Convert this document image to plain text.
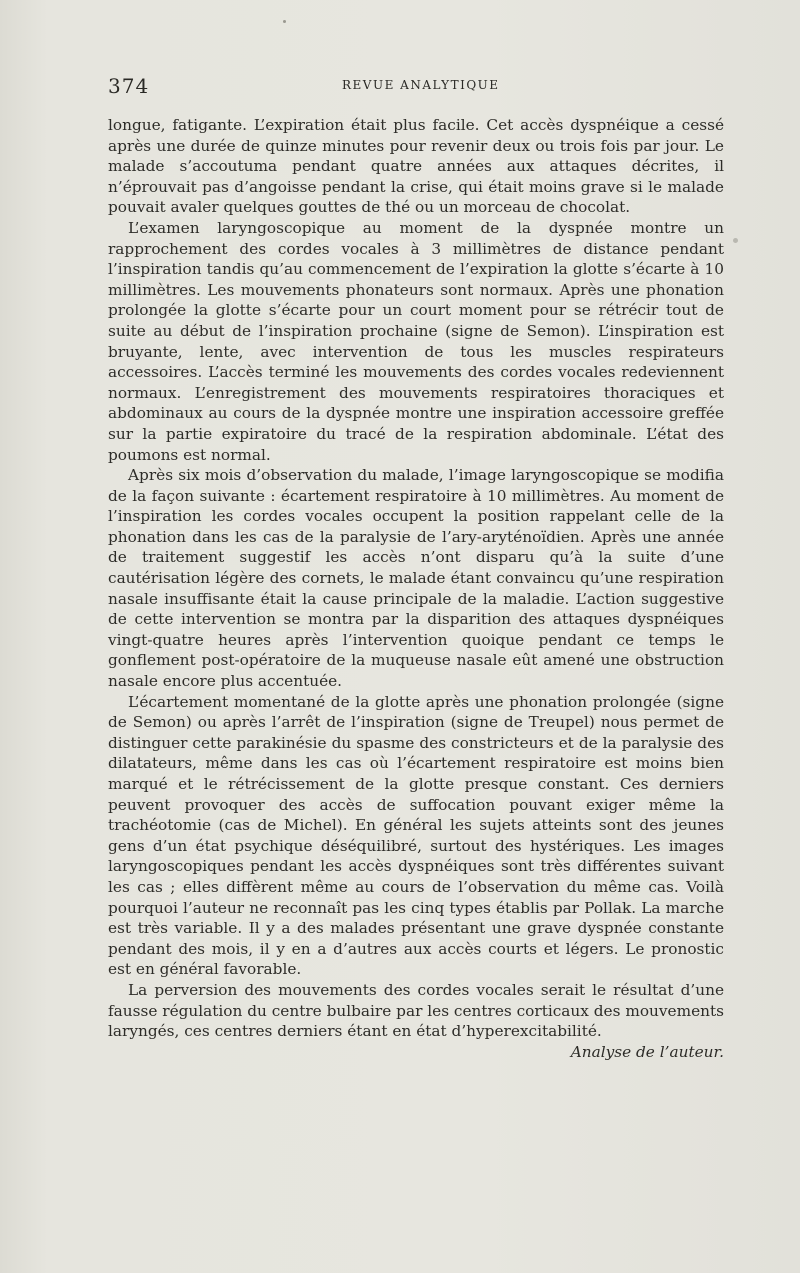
374	REVUE ANALYTIQUE

longue, fatigante. L’expiration était plus facile. Cet accès dyspnéique a cessé après une durée de quinze minutes pour revenir deux ou trois fois par jour. Le malade s’accoutuma pendant quatre années aux attaques décrites, il n’éprouvait pas d’angoisse pendant la crise, qui était moins grave si le malade pouvait avaler quelques gouttes de thé ou un morceau de chocolat.

L’examen laryngoscopique au moment de la dyspnée montre un rapprochement des cordes vocales à 3 millimètres de distance pendant l’inspiration tandis qu’au commencement de l’expiration la glotte s’écarte à 10 millimètres. Les mouvements phonateurs sont normaux. Après une phonation prolongée la glotte s’écarte pour un court moment pour se rétrécir tout de suite au début de l’inspiration prochaine (signe de Semon). L’inspiration est bruyante, lente, avec intervention de tous les muscles respirateurs accessoires. L’accès terminé les mouvements des cordes vocales redeviennent normaux. L’enregistrement des mouvements respiratoires thoraciques et abdominaux au cours de la dyspnée montre une inspiration accessoire greffée sur la partie expiratoire du tracé de la respiration abdominale. L’état des poumons est normal.

Après six mois d’observation du malade, l’image laryngoscopique se modifia de la façon suivante : écartement respiratoire à 10 millimètres. Au moment de l’inspiration les cordes vocales occupent la position rappelant celle de la phonation dans les cas de la paralysie de l’ary-aryténoïdien. Après une année de traitement suggestif les accès n’ont disparu qu’à la suite d’une cautérisation légère des cornets, le malade étant convaincu qu’une respiration nasale insuffisante était la cause principale de la maladie. L’action suggestive de cette intervention se montra par la disparition des attaques dyspnéiques vingt-quatre heures après l’intervention quoique pendant ce temps le gonflement post-opératoire de la muqueuse nasale eût amené une obstruction nasale encore plus accentuée.

L’écartement momentané de la glotte après une phonation prolongée (signe de Semon) ou après l’arrêt de l’inspiration (signe de Treupel) nous permet de distinguer cette parakinésie du spasme des constricteurs et de la paralysie des dilatateurs, même dans les cas où l’écartement respiratoire est moins bien marqué et le rétrécissement de la glotte presque constant. Ces derniers peuvent provoquer des accès de suffocation pouvant exiger même la trachéotomie (cas de Michel). En général les sujets atteints sont des jeunes gens d’un état psychique déséquilibré, surtout des hystériques. Les images laryngoscopiques pendant les accès dyspnéiques sont très différentes suivant les cas ; elles diffèrent même au cours de l’observation du même cas. Voilà pourquoi l’auteur ne reconnaît pas les cinq types établis par Pollak. La marche est très variable. Il y a des malades présentant une grave dyspnée constante pendant des mois, il y en a d’autres aux accès courts et légers. Le pronostic est en général favorable.

La perversion des mouvements des cordes vocales serait le résultat d’une fausse régulation du centre bulbaire par les centres corticaux des mouvements laryngés, ces centres derniers étant en état d’hyperexcitabilité.
Analyse de l’auteur.
